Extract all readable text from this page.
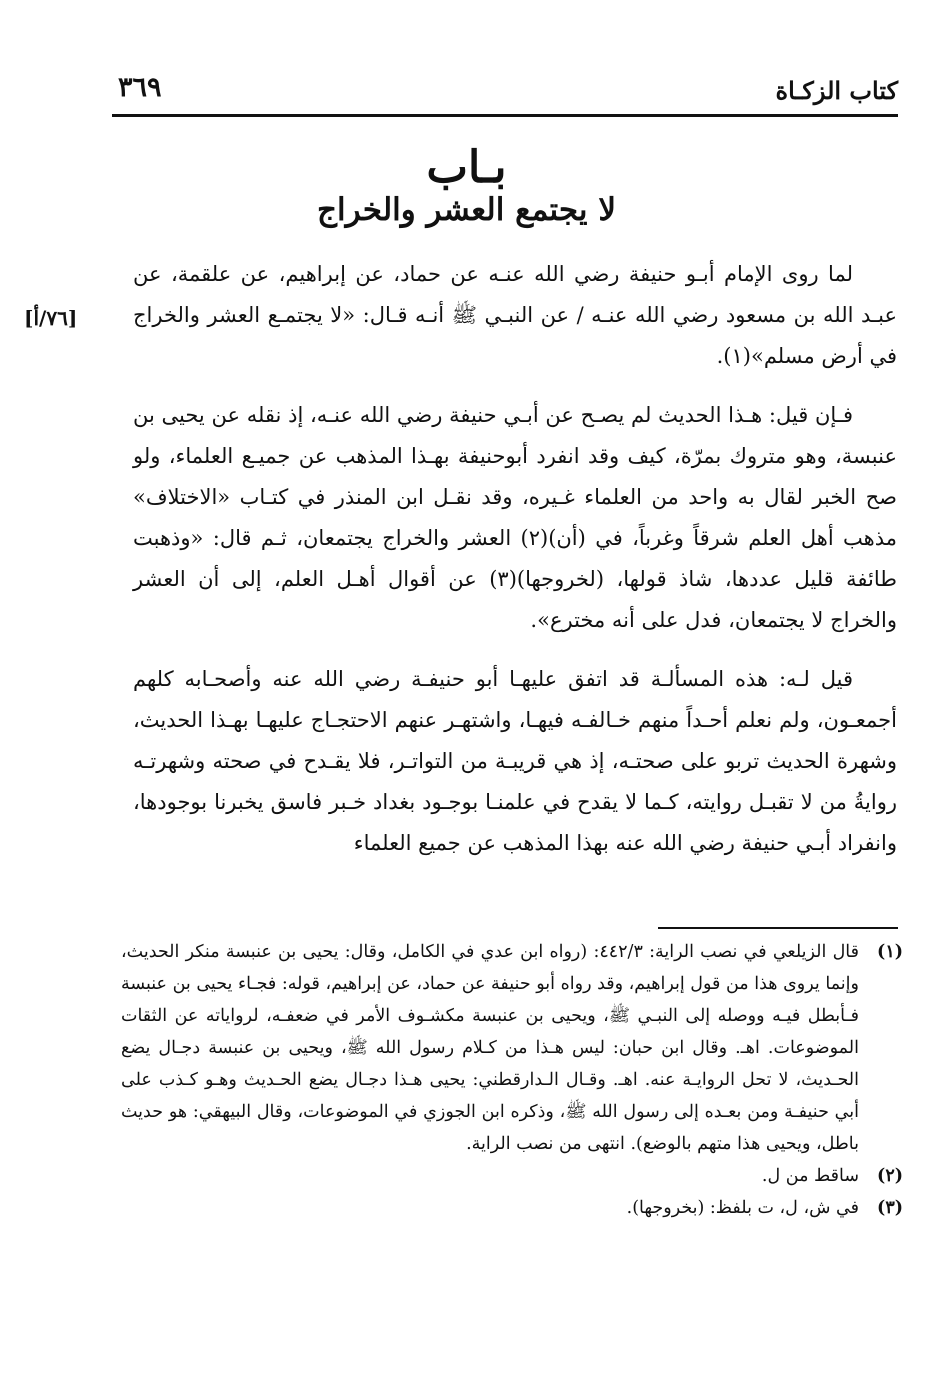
كتاب الزكـاة
٣٦٩
بـاب
لا يجتمع العشر والخراج
[٧٦/أ]

لما روى الإمام أبـو حنيفة رضي الله عنـه عن حماد، عن إبراهيم، عن علقمة، عن عبـد الله بن مسعود رضي الله عنـه / عن النبـي ﷺ أنـه قـال: «لا يجتمـع العشر والخراج في أرض مسلم»(١).

فـإن قيل: هـذا الحديث لم يصـح عن أبـي حنيفة رضي الله عنـه، إذ نقله عن يحيى بن عنبسة، وهو متروك بمرّة، كيف وقد انفرد أبوحنيفة بهـذا المذهب عن جميـع العلماء، ولو صح الخبر لقال به واحد من العلماء غـيره، وقد نقـل ابن المنذر في كتـاب «الاختلاف» مذهب أهل العلم شرقاً وغرباً، في (أن)(٢) العشر والخراج يجتمعان، ثـم قال: «وذهبت طائفة قليل عددها، شاذ قولها، (لخروجها)(٣) عن أقوال أهـل العلم، إلى أن العشر والخراج لا يجتمعان، فدل على أنه مخترع».

قيل لـه: هذه المسألـة قد اتفق عليهـا أبو حنيفـة رضي الله عنه وأصحـابه كلهم أجمعـون، ولم نعلم أحـداً منهم خـالفـه فيهـا، واشتهـر عنهم الاحتجـاج عليهـا بهـذا الحديث، وشهرة الحديث تربو على صحتـه، إذ هي قريبـة من التواتـر، فلا يقـدح في صحته وشهرتـه روايةُ من لا تقبـل روايته، كـما لا يقدح في علمنـا بوجـود بغداد خـبر فاسق يخبرنا بوجودها، وانفراد أبـي حنيفة رضي الله عنه بهذا المذهب عن جميع العلماء

(١)
قال الزيلعي في نصب الراية: ٤٤٢/٣: (رواه ابن عدي في الكامل، وقال: يحيى بن عنبسة منكر الحديث، وإنما يروى هذا من قول إبراهيم، وقد رواه أبو حنيفة عن حماد، عن إبراهيم، قوله: فجـاء يحيى بن عنبسة فـأبطل فيـه ووصله إلى النبـي ﷺ، ويحيى بن عنبسة مكشـوف الأمر في ضعفـه، لرواياته عن الثقات الموضوعات. اهـ. وقال ابن حبان: ليس هـذا من كـلام رسول الله ﷺ، ويحيى بن عنبسة دجـال يضع الحـديث، لا تحل الروايـة عنه. اهـ. وقـال الـدارقطني: يحيى هـذا دجـال يضع الحـديث وهـو كـذب على أبي حنيفـة ومن بعـده إلى رسول الله ﷺ، وذكره ابن الجوزي في الموضوعات، وقال البيهقي: هو حديث باطل، ويحيى هذا متهم بالوضع). انتهى من نصب الراية.
(٢)
ساقط من ل.
(٣)
في ش، ل، ت بلفظ: (بخروجها).
